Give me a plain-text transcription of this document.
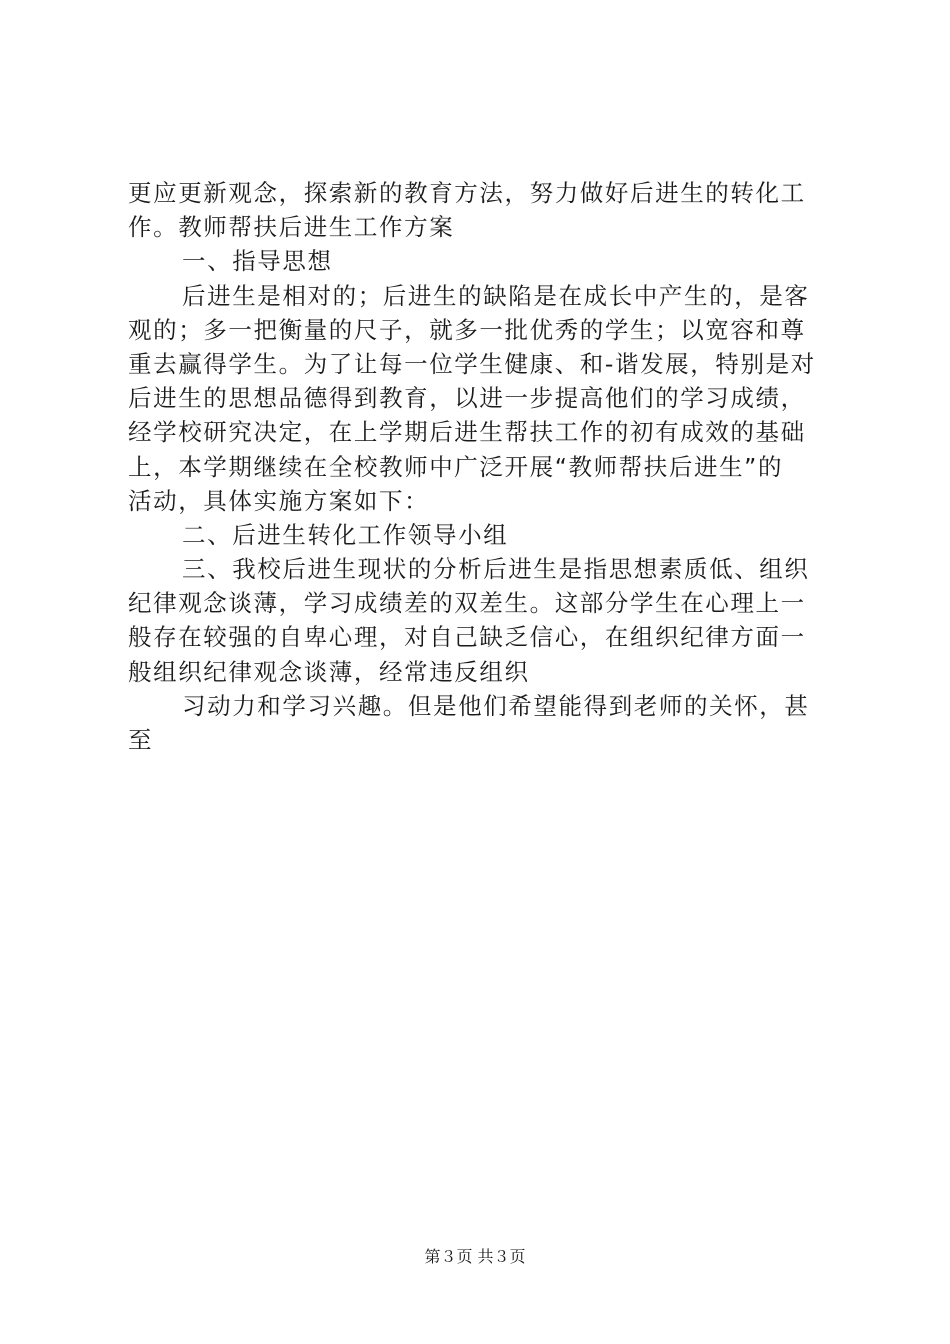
更应更新观念，探索新的教育方法，努力做好后进生的转化工
作。教师帮扶后进生工作方案
一、指导思想
后进生是相对的；后进生的缺陷是在成长中产生的，是客
观的；多一把衡量的尺子，就多一批优秀的学生；以宽容和尊
重去赢得学生。为了让每一位学生健康、和-谐发展，特别是对
后进生的思想品德得到教育，以进一步提高他们的学习成绩，
经学校研究决定，在上学期后进生帮扶工作的初有成效的基础
上，本学期继续在全校教师中广泛开展“教师帮扶后进生”的
活动，具体实施方案如下：
二、后进生转化工作领导小组
三、我校后进生现状的分析后进生是指思想素质低、组织
纪律观念谈薄，学习成绩差的双差生。这部分学生在心理上一
般存在较强的自卑心理，对自己缺乏信心，在组织纪律方面一
般组织纪律观念谈薄，经常违反组织
习动力和学习兴趣。但是他们希望能得到老师的关怀，甚
至
第３页 共３页
